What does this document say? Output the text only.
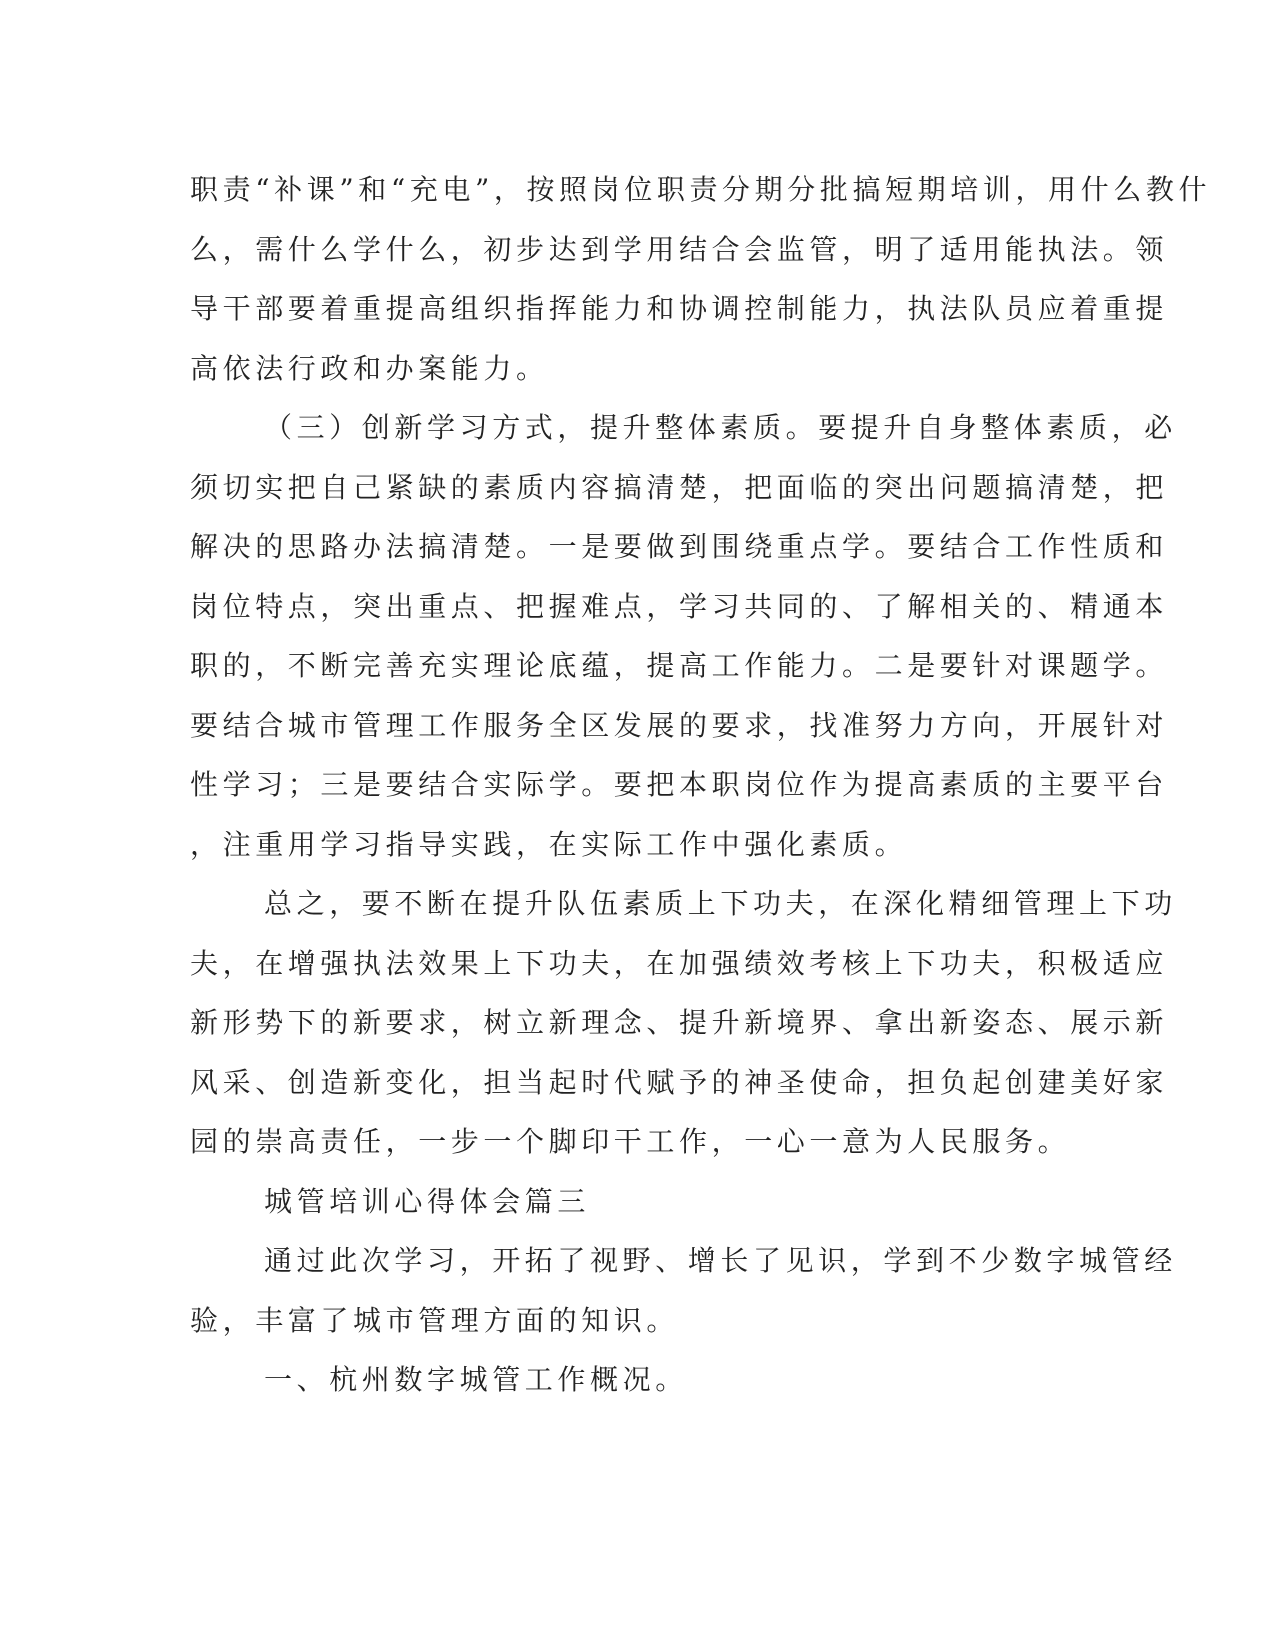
职责“补课”和“充电”，按照岗位职责分期分批搞短期培训，用什么教什
么，需什么学什么，初步达到学用结合会监管，明了适用能执法。领
导干部要着重提高组织指挥能力和协调控制能力，执法队员应着重提
高依法行政和办案能力。
（三）创新学习方式，提升整体素质。要提升自身整体素质，必
须切实把自己紧缺的素质内容搞清楚，把面临的突出问题搞清楚，把
解决的思路办法搞清楚。一是要做到围绕重点学。要结合工作性质和
岗位特点，突出重点、把握难点，学习共同的、了解相关的、精通本
职的，不断完善充实理论底蕴，提高工作能力。二是要针对课题学。
要结合城市管理工作服务全区发展的要求，找准努力方向，开展针对
性学习；三是要结合实际学。要把本职岗位作为提高素质的主要平台
，注重用学习指导实践，在实际工作中强化素质。
总之，要不断在提升队伍素质上下功夫，在深化精细管理上下功
夫，在增强执法效果上下功夫，在加强绩效考核上下功夫，积极适应
新形势下的新要求，树立新理念、提升新境界、拿出新姿态、展示新
风采、创造新变化，担当起时代赋予的神圣使命，担负起创建美好家
园的崇高责任，一步一个脚印干工作，一心一意为人民服务。
城管培训心得体会篇三
通过此次学习，开拓了视野、增长了见识，学到不少数字城管经
验，丰富了城市管理方面的知识。
一、杭州数字城管工作概况。
